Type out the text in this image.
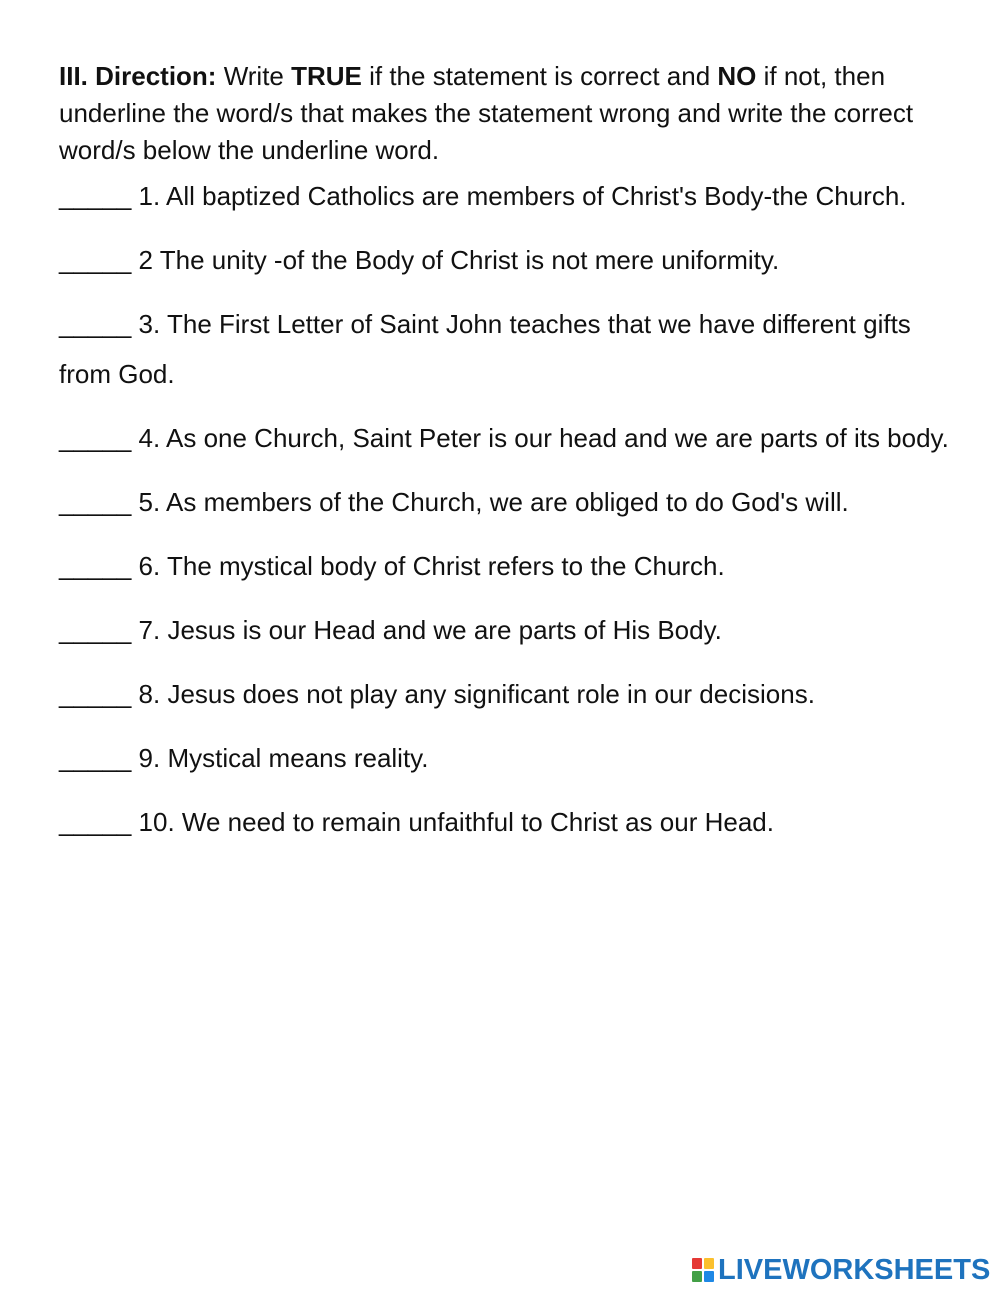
III. Direction: Write TRUE if the statement is correct and NO if not, then underline the word/s that makes the statement wrong and write the correct word/s below the underline word.

_____ 1. All baptized Catholics are members of Christ's Body-the Church.
_____ 2 The unity -of the Body of Christ is not mere uniformity.
_____ 3. The First Letter of Saint John teaches that we have different gifts from God.
_____ 4. As one Church, Saint Peter is our head and we are parts of its body.
_____ 5. As members of the Church, we are obliged to do God's will.
_____ 6. The mystical body of Christ refers to the Church.
_____ 7. Jesus is our Head and we are parts of His Body.
_____ 8. Jesus does not play any significant role in our decisions.
_____ 9. Mystical means reality.
_____ 10. We need to remain unfaithful to Christ as our Head.
LIVEWORKSHEETS
